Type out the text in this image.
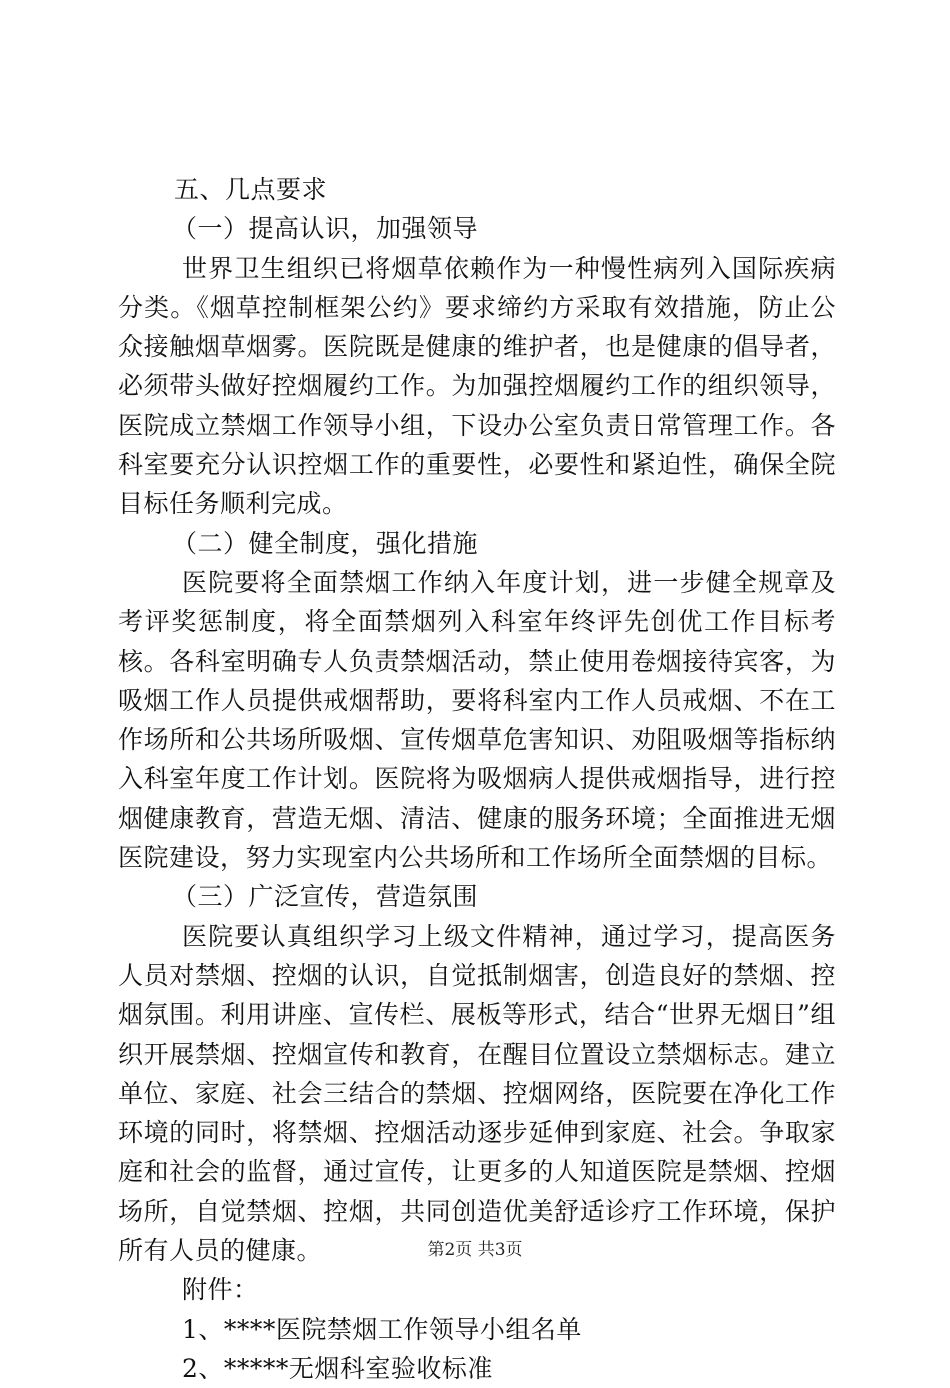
五、几点要求

（一）提高认识，加强领导

世界卫生组织已将烟草依赖作为一种慢性病列入国际疾病分类。《烟草控制框架公约》要求缔约方采取有效措施，防止公众接触烟草烟雾。医院既是健康的维护者，也是健康的倡导者，必须带头做好控烟履约工作。为加强控烟履约工作的组织领导，医院成立禁烟工作领导小组，下设办公室负责日常管理工作。各科室要充分认识控烟工作的重要性，必要性和紧迫性，确保全院目标任务顺利完成。

（二）健全制度，强化措施

医院要将全面禁烟工作纳入年度计划，进一步健全规章及考评奖惩制度，将全面禁烟列入科室年终评先创优工作目标考核。各科室明确专人负责禁烟活动，禁止使用卷烟接待宾客，为吸烟工作人员提供戒烟帮助，要将科室内工作人员戒烟、不在工作场所和公共场所吸烟、宣传烟草危害知识、劝阻吸烟等指标纳入科室年度工作计划。医院将为吸烟病人提供戒烟指导，进行控烟健康教育，营造无烟、清洁、健康的服务环境；全面推进无烟医院建设，努力实现室内公共场所和工作场所全面禁烟的目标。

（三）广泛宣传，营造氛围

医院要认真组织学习上级文件精神，通过学习，提高医务人员对禁烟、控烟的认识，自觉抵制烟害，创造良好的禁烟、控烟氛围。利用讲座、宣传栏、展板等形式，结合“世界无烟日”组织开展禁烟、控烟宣传和教育，在醒目位置设立禁烟标志。建立单位、家庭、社会三结合的禁烟、控烟网络，医院要在净化工作环境的同时，将禁烟、控烟活动逐步延伸到家庭、社会。争取家庭和社会的监督，通过宣传，让更多的人知道医院是禁烟、控烟场所，自觉禁烟、控烟，共同创造优美舒适诊疗工作环境，保护所有人员的健康。

附件：

1、****医院禁烟工作领导小组名单

2、*****无烟科室验收标准

第2页 共3页
